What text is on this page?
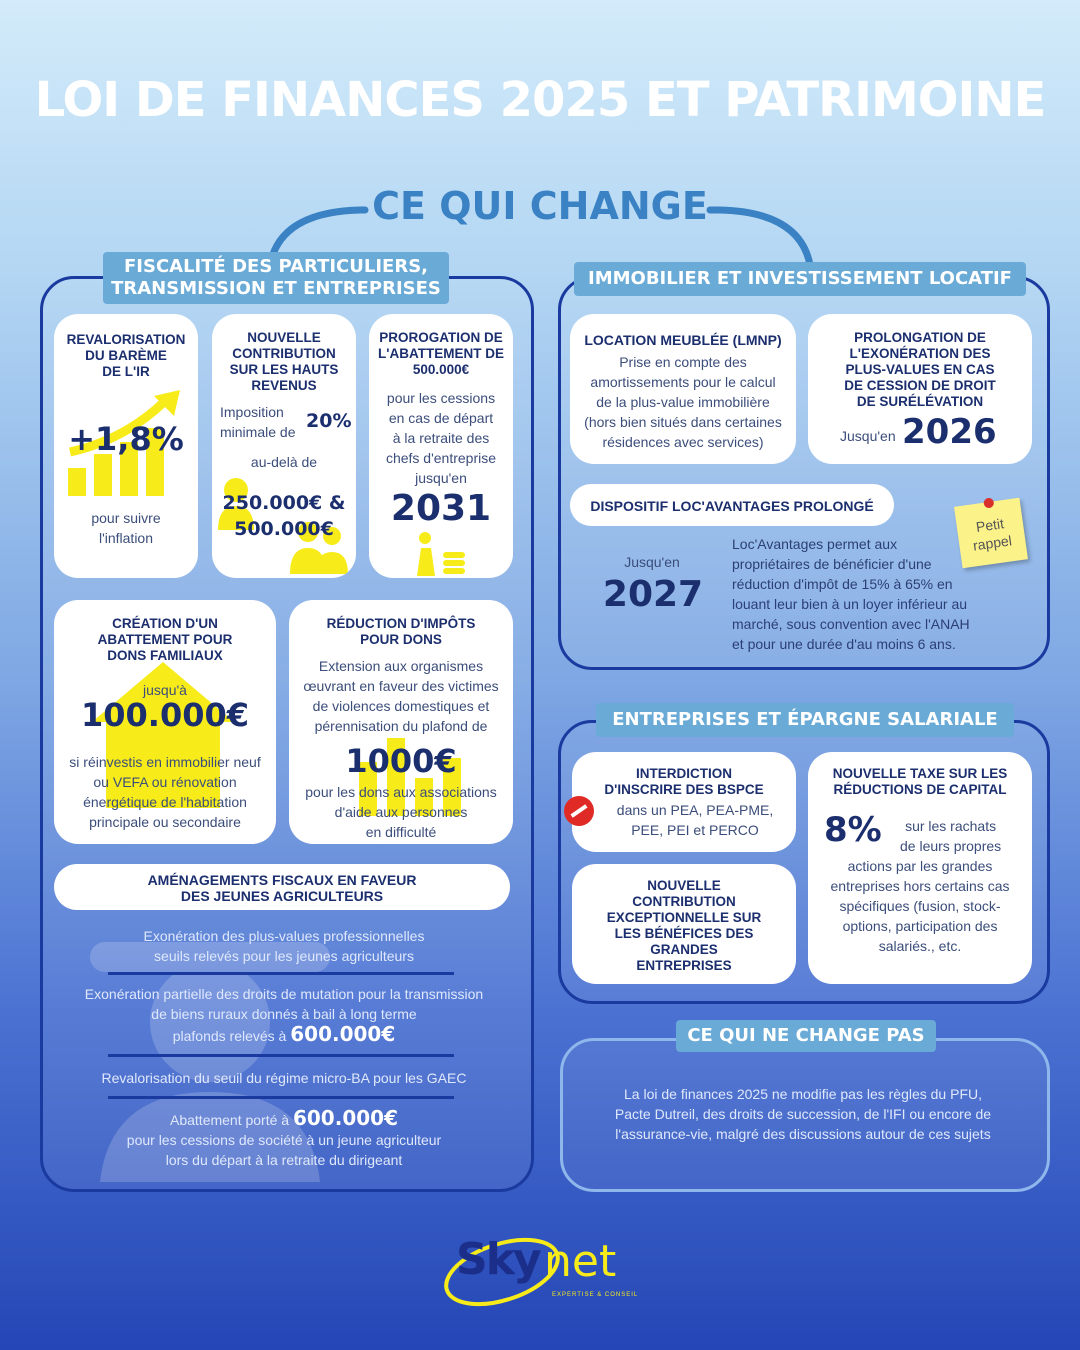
LOI DE FINANCES 2025 ET PATRIMOINE
CE QUI CHANGE
FISCALITÉ DES PARTICULIERS,
TRANSMISSION ET ENTREPRISES
REVALORISATION
DU BARÈME
DE L'IR
+1,8%
pour suivre
l'inflation
NOUVELLE
CONTRIBUTION
SUR LES HAUTS
REVENUS
Imposition
minimale de 20%
au-delà de
250.000€ &
500.000€
PROROGATION DE
L'ABATTEMENT DE
500.000€
pour les cessions
en cas de départ
à la retraite des
chefs d'entreprise
jusqu'en
2031
CRÉATION D'UN
ABATTEMENT POUR
DONS FAMILIAUX
jusqu'à
100.000€
si réinvestis en immobilier neuf
ou VEFA ou rénovation
énergétique de l'habitation
principale ou secondaire
RÉDUCTION D'IMPÔTS
POUR DONS
Extension aux organismes
œuvrant en faveur des victimes
de violences domestiques et
pérennisation du plafond de
1000€
pour les dons aux associations
d'aide aux personnes
en difficulté
AMÉNAGEMENTS FISCAUX EN FAVEUR
DES JEUNES AGRICULTEURS
Exonération des plus-values professionnelles
seuils relevés pour les jeunes agriculteurs
Exonération partielle des droits de mutation pour la transmission
de biens ruraux donnés à bail à long terme
plafonds relevés à 600.000€
Revalorisation du seuil du régime micro-BA pour les GAEC
Abattement porté à 600.000€
pour les cessions de société à un jeune agriculteur
lors du départ à la retraite du dirigeant
IMMOBILIER ET INVESTISSEMENT LOCATIF
LOCATION MEUBLÉE (LMNP)
Prise en compte des
amortissements pour le calcul
de la plus-value immobilière
(hors bien situés dans certaines
résidences avec services)
PROLONGATION DE
L'EXONÉRATION DES
PLUS-VALUES EN CAS
DE CESSION DE DROIT
DE SURÉLÉVATION
Jusqu'en 2026
DISPOSITIF LOC'AVANTAGES PROLONGÉ
Jusqu'en
2027
Loc'Avantages permet aux
propriétaires de bénéficier d'une
réduction d'impôt de 15% à 65% en
louant leur bien à un loyer inférieur au
marché, sous convention avec l'ANAH
et pour une durée d'au moins 6 ans.
Petit
rappel
ENTREPRISES ET ÉPARGNE SALARIALE
INTERDICTION
D'INSCRIRE DES BSPCE
dans un PEA, PEA-PME,
PEE, PEI et PERCO
NOUVELLE
CONTRIBUTION
EXCEPTIONNELLE SUR
LES BÉNÉFICES DES
GRANDES
ENTREPRISES
NOUVELLE TAXE SUR LES
RÉDUCTIONS DE CAPITAL
8%	sur les rachats
de leurs propres
actions par les grandes
entreprises hors certains cas
spécifiques (fusion, stock-
options, participation des
salariés., etc.
CE QUI NE CHANGE PAS
La loi de finances 2025 ne modifie pas les règles du PFU,
Pacte Dutreil, des droits de succession, de l'IFI ou encore de
l'assurance-vie, malgré des discussions autour de ces sujets
Sky net
EXPERTISE & CONSEIL
